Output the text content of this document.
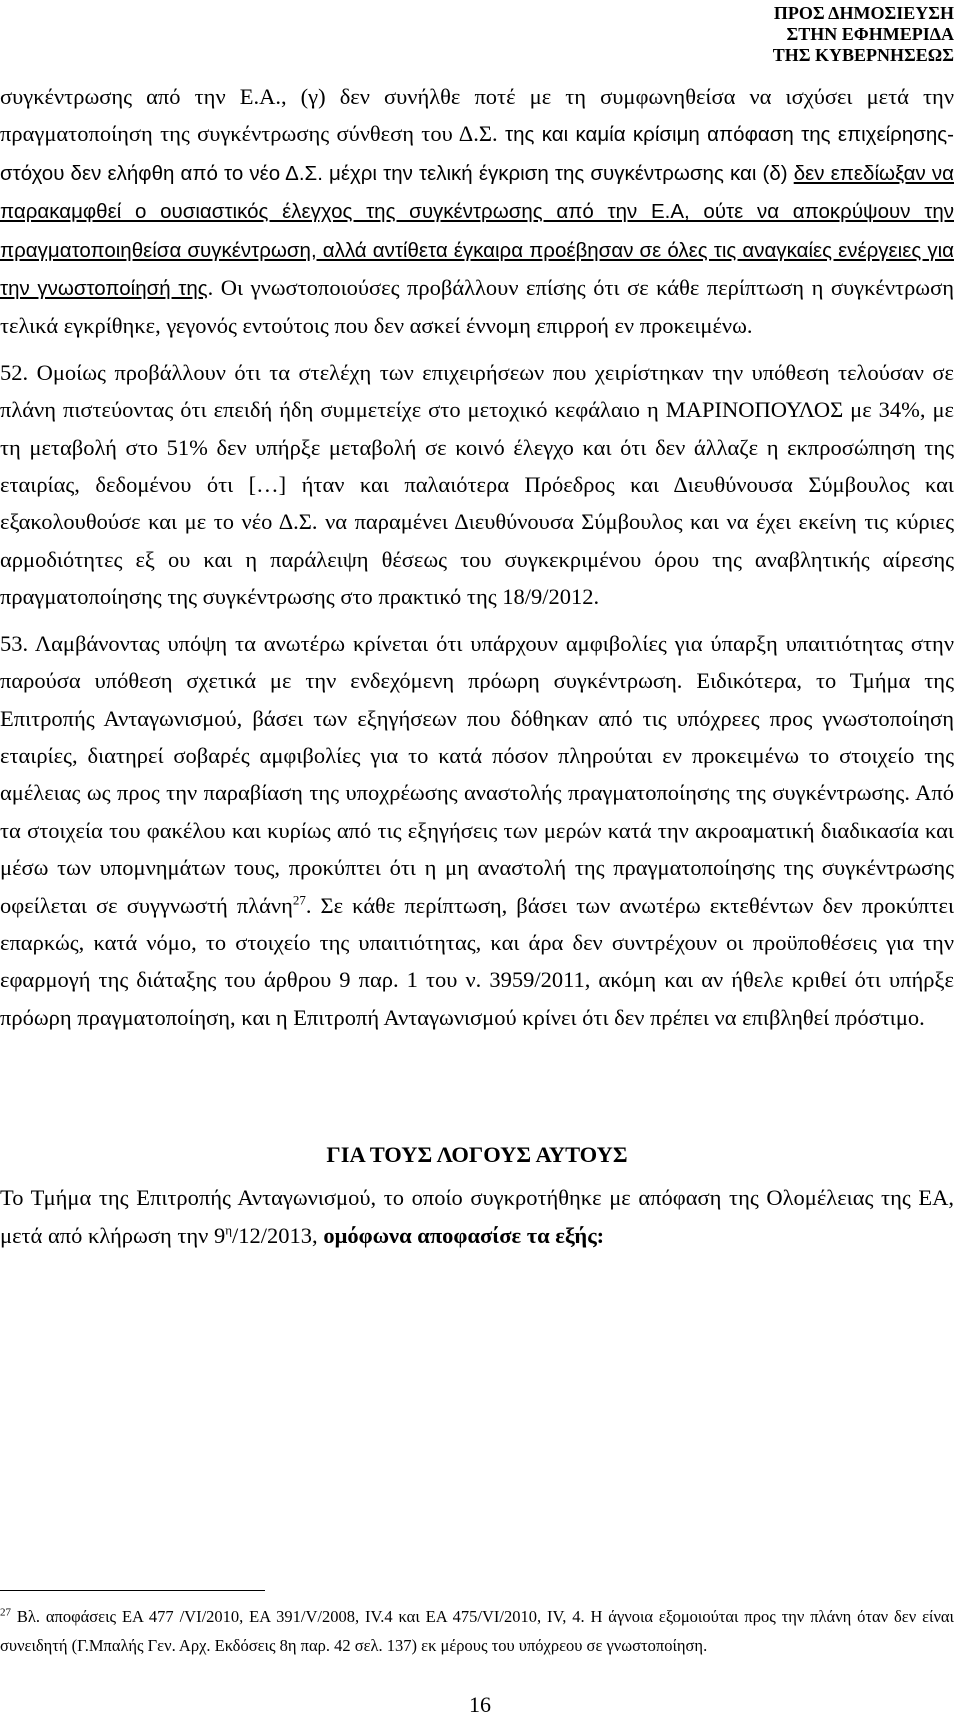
ΠΡΟΣ ΔΗΜΟΣΙΕΥΣΗ
ΣΤΗΝ ΕΦΗΜΕΡΙΔΑ
ΤΗΣ ΚΥΒΕΡΝΗΣΕΩΣ

συγκέντρωσης από την Ε.Α., (γ) δεν συνήλθε ποτέ με τη συμφωνηθείσα να ισχύσει μετά την πραγματοποίηση της συγκέντρωσης σύνθεση του Δ.Σ. της και καμία κρίσιμη απόφαση της επιχείρησης-στόχου δεν ελήφθη από το νέο Δ.Σ. μέχρι την τελική έγκριση της συγκέντρωσης και (δ) δεν επεδίωξαν να παρακαμφθεί ο ουσιαστικός έλεγχος της συγκέντρωσης από την Ε.Α, ούτε να αποκρύψουν την πραγματοποιηθείσα συγκέντρωση, αλλά αντίθετα έγκαιρα προέβησαν σε όλες τις αναγκαίες ενέργειες για την γνωστοποίησή της. Οι γνωστοποιούσες προβάλλουν επίσης ότι σε κάθε περίπτωση η συγκέντρωση τελικά εγκρίθηκε, γεγονός εντούτοις που δεν ασκεί έννομη επιρροή εν προκειμένω.

52. Ομοίως προβάλλουν ότι τα στελέχη των επιχειρήσεων που χειρίστηκαν την υπόθεση τελούσαν σε πλάνη πιστεύοντας ότι επειδή ήδη συμμετείχε στο μετοχικό κεφάλαιο η ΜΑΡΙΝΟΠΟΥΛΟΣ με 34%, με τη μεταβολή στο 51% δεν υπήρξε μεταβολή σε κοινό έλεγχο και ότι δεν άλλαζε η εκπροσώπηση της εταιρίας, δεδομένου ότι […] ήταν και παλαιότερα Πρόεδρος και Διευθύνουσα Σύμβουλος και εξακολουθούσε και με το νέο Δ.Σ. να παραμένει Διευθύνουσα Σύμβουλος και να έχει εκείνη τις κύριες αρμοδιότητες εξ ου και η παράλειψη θέσεως του συγκεκριμένου όρου της αναβλητικής αίρεσης πραγματοποίησης της συγκέντρωσης στο πρακτικό της 18/9/2012.

53. Λαμβάνοντας υπόψη τα ανωτέρω κρίνεται ότι υπάρχουν αμφιβολίες για ύπαρξη υπαιτιότητας στην παρούσα υπόθεση σχετικά με την ενδεχόμενη πρόωρη συγκέντρωση. Ειδικότερα, το Τμήμα της Επιτροπής Ανταγωνισμού, βάσει των εξηγήσεων που δόθηκαν από τις υπόχρεες προς γνωστοποίηση εταιρίες, διατηρεί σοβαρές αμφιβολίες για το κατά πόσον πληρούται εν προκειμένω το στοιχείο της αμέλειας ως προς την παραβίαση της υποχρέωσης αναστολής πραγματοποίησης της συγκέντρωσης. Από τα στοιχεία του φακέλου και κυρίως από τις εξηγήσεις των μερών κατά την ακροαματική διαδικασία και μέσω των υπομνημάτων τους, προκύπτει ότι η μη αναστολή της πραγματοποίησης της συγκέντρωσης οφείλεται σε συγγνωστή πλάνη$^{27}$. Σε κάθε περίπτωση, βάσει των ανωτέρω εκτεθέντων δεν προκύπτει επαρκώς, κατά νόμο, το στοιχείο της υπαιτιότητας, και άρα δεν συντρέχουν οι προϋποθέσεις για την εφαρμογή της διάταξης του άρθρου 9 παρ. 1 του ν. 3959/2011, ακόμη και αν ήθελε κριθεί ότι υπήρξε πρόωρη πραγματοποίηση, και η Επιτροπή Ανταγωνισμού κρίνει ότι δεν πρέπει να επιβληθεί πρόστιμο.

ΓΙΑ ΤΟΥΣ ΛΟΓΟΥΣ ΑΥΤΟΥΣ

Το Τμήμα της Επιτροπής Ανταγωνισμού, το οποίο συγκροτήθηκε με απόφαση της Ολομέλειας της ΕΑ, μετά από κλήρωση την $9^\eta/12/2013$, ομόφωνα αποφασίσε τα εξής:

$^{27}$ Βλ. αποφάσεις ΕΑ 477 /VI/2010, ΕΑ 391/V/2008, IV.4 και ΕΑ 475/VI/2010, IV, 4. Η άγνοια εξομοιούται προς την πλάνη όταν δεν είναι συνειδητή (Γ.Μπαλής Γεν. Αρχ. Εκδόσεις 8η παρ. 42 σελ. 137) εκ μέρους του υπόχρεου σε γνωστοποίηση.

16
